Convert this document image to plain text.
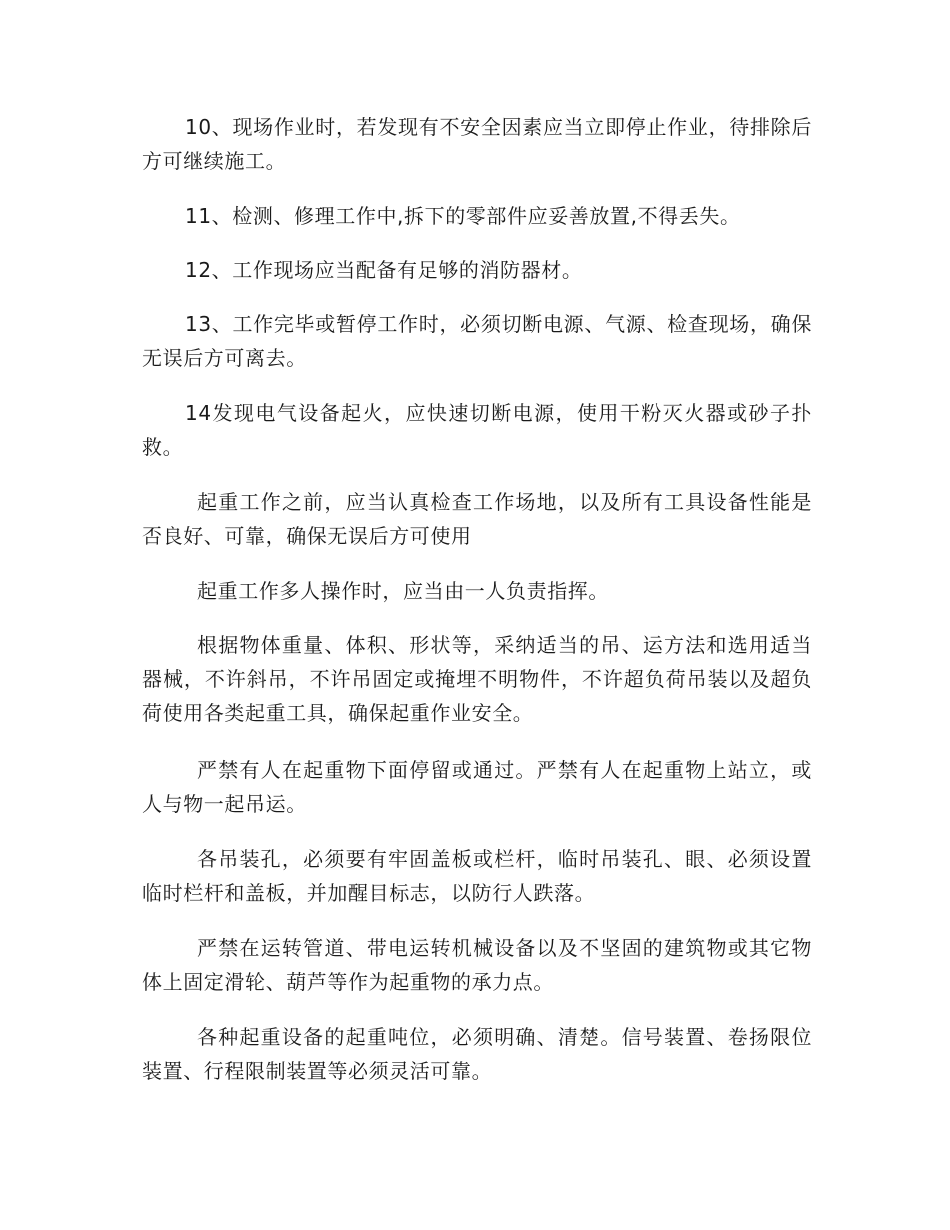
10、现场作业时，若发现有不安全因素应当立即停止作业，待排除后方可继续施工。

11、检测、修理工作中,拆下的零部件应妥善放置,不得丢失。

12、工作现场应当配备有足够的消防器材。

13、工作完毕或暂停工作时，必须切断电源、气源、检查现场，确保无误后方可离去。

14发现电气设备起火，应快速切断电源，使用干粉灭火器或砂子扑救。

起重工作之前，应当认真检查工作场地，以及所有工具设备性能是否良好、可靠，确保无误后方可使用

起重工作多人操作时，应当由一人负责指挥。

根据物体重量、体积、形状等，采纳适当的吊、运方法和选用适当器械，不许斜吊，不许吊固定或掩埋不明物件，不许超负荷吊装以及超负荷使用各类起重工具，确保起重作业安全。

严禁有人在起重物下面停留或通过。严禁有人在起重物上站立，或人与物一起吊运。

各吊装孔，必须要有牢固盖板或栏杆，临时吊装孔、眼、必须设置临时栏杆和盖板，并加醒目标志，以防行人跌落。

严禁在运转管道、带电运转机械设备以及不坚固的建筑物或其它物体上固定滑轮、葫芦等作为起重物的承力点。

各种起重设备的起重吨位，必须明确、清楚。信号装置、卷扬限位装置、行程限制装置等必须灵活可靠。
